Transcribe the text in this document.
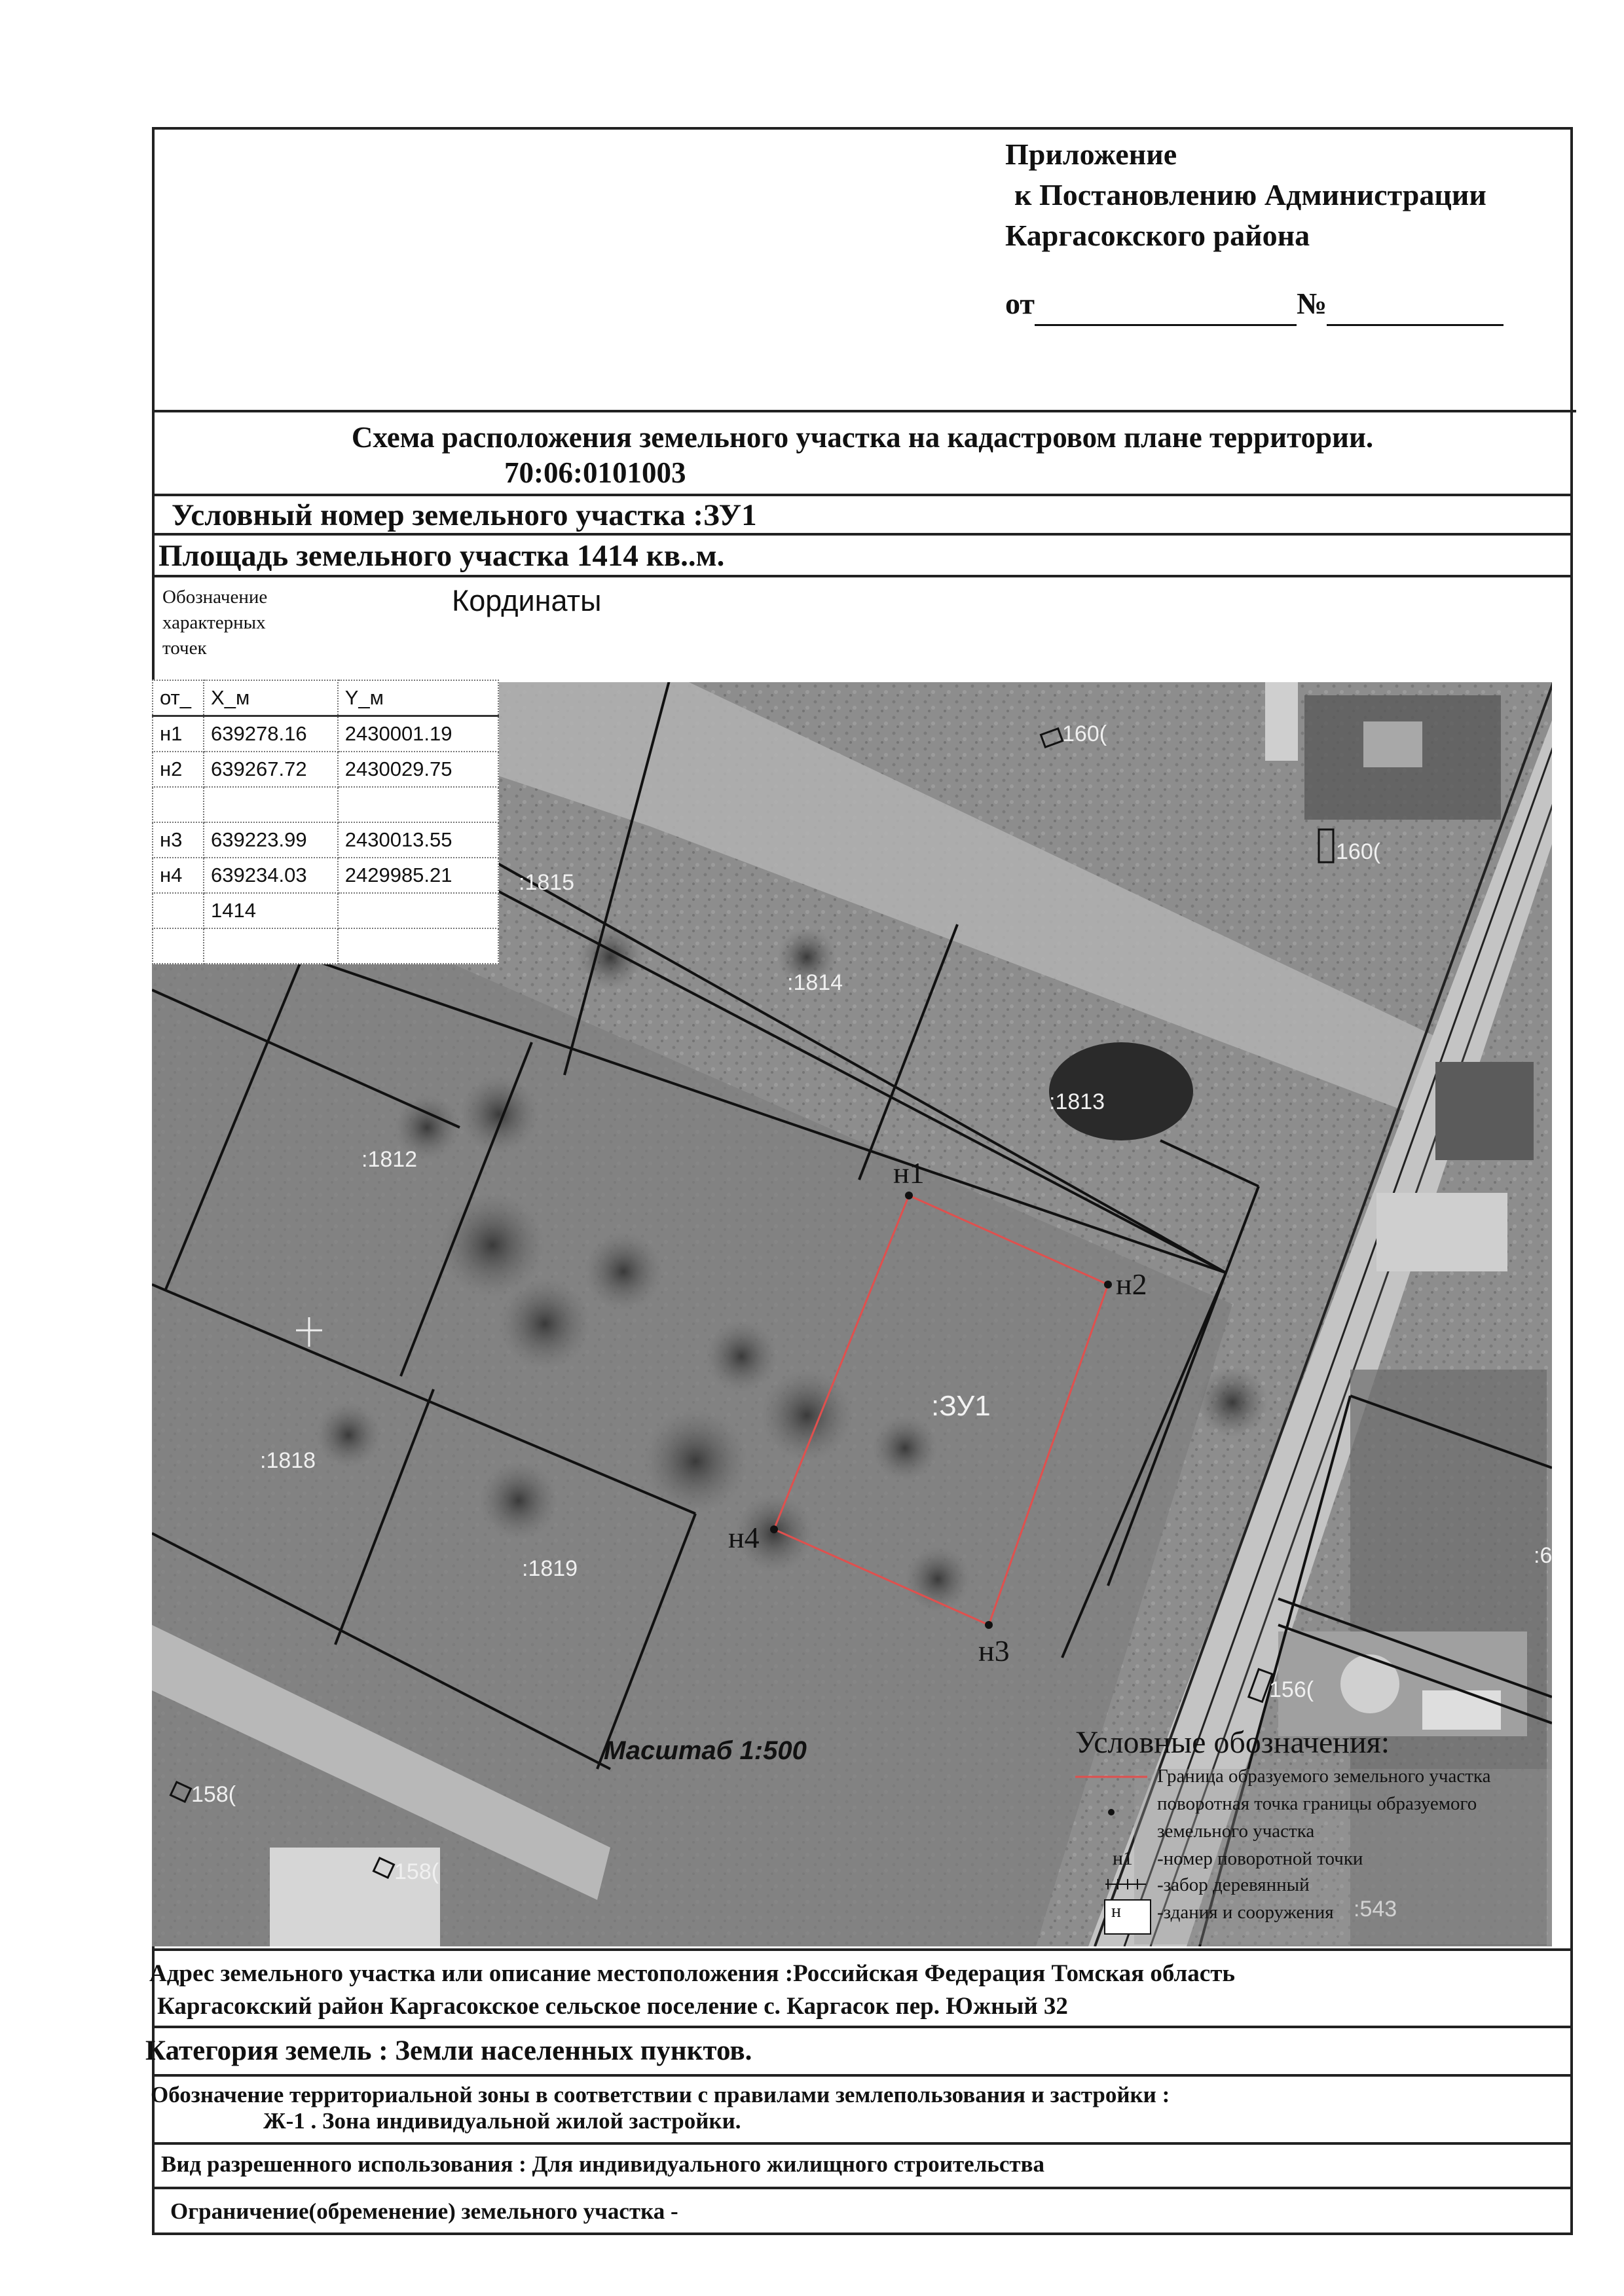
Приложение
к Постановлению Администрации
Каргасокского района
от	№
Схема расположения земельного участка на кадастровом плане территории.
70:06:0101003
Условный номер земельного участка :ЗУ1
Площадь земельного участка 1414 кв..м.
Обозначение характерных точек
Кординаты
:1815
:1814
:1813
:1812
:1818
:1819
:ЗУ1
н1
н2
н3
н4
160(
160(
156(
158(
158(
:543
:6
Масштаб 1:500	Условные обозначения:
н1
н
Граница образуемого земельного участка
поворотная точка границы образуемого
земельного участка
-номер поворотной точки
-забор деревянный
-здания и сооружения
от_	X_м	Y_м
н1	639278.16	2430001.19
н2	639267.72	2430029.75

н3	639223.99	2430013.55
н4	639234.03	2429985.21
	1414	

Адрес земельного участка или описание местоположения :Российская Федерация Томская область
Каргасокский район Каргасокское сельское поселение с. Каргасок пер. Южный 32
Категория земель : Земли населенных пунктов.
Обозначение территориальной зоны в соответствии с правилами землепользования и застройки :
Ж-1 . Зона индивидуальной жилой застройки.
Вид разрешенного использования : Для индивидуального жилищного строительства
Ограничение(обременение) земельного участка -
